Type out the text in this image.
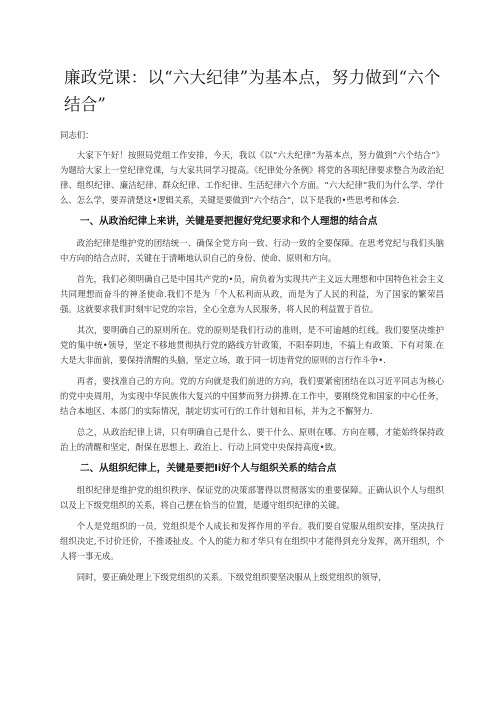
廉政党课：以“六大纪律”为基本点，努力做到“六个结合”

同志们：

大家下午好！按照局党组工作安排，今天，我以《以“六大纪律”为基本点，努力做到“六个结合”》为题给大家上一堂纪律党课，与大家共同学习提高。《纪律处分条例》将党的各项纪律要求整合为政治纪律、组织纪律、廉洁纪律、群众纪律、工作纪律、生活纪律六个方面。“六大纪律”我们为什么学、学什么、怎么学，要弄清楚这•逻辑关系，关键是要做到“六个结合”，以下是我的•些思考和体会.

一、从政治纪律上来讲，关键是要把握好党纪要求和个人理想的结合点

政治纪律是维护党的团结统一、确保全党方向一致、行动一致的全要保障。在思考党纪与我们头脑中方向的结合点时，关键在于清晰地认识自己的身份、使命、原则和方向。

首先，我们必须明确自己是中国共产党的•员，肩负着为实现共产主义远大理想和中国特色社会主义共同理想而奋斗的神圣使命.我们不是为「个人私利而从政，而是为了人民的利益，为了国家的繁荣昌强。这就要求我们时刻牢记党的宗旨，全心全意为人民服务，将人民的利益置于首位。

其次，要明确自己的原则所在。党的原则是我们行动的准则，是不可逾越的红线。我们要坚决维护党的集中统•领导，坚定不移地贯彻执行党的路线方针政策，不阳奉阴违，不搞上有政策、下有对策.在大是大非面前，要保持清醒的头脑，坚定立场，敢于同一切违背党的原则的言行作斗争•.

再者，要找准自己的方向。党的方向就是我们前进的方向，我们要紧密团结在以习近平同志为核心的党中央周用，为实现中华民族伟大复兴的中国梦而努力拼搏.在工作中，要刚绕党和国家的中心任务，结合本地区、本部门的实际情况，制定切实可行的工作计划和目标，并为之不懈努力.

总之，从政治纪律上讲，只有明确自己是什么、要干什么、原则在哪、方向在哪，才能始终保持政治上的清醒和坚定，酎保在思想上、政治上、行动上同党中央保持高度•致。

二、从组织纪律上，关键是要把Ii好个人与组织关系的结合点

组织纪律是维护党的组织秩序、保证党的决策部署得以贯彻落实的重要保障。正确认识个人与组织以及上下级党组织的关系，将自己摆在恰当的位置，是遵守组织纪律的关键。

个人是党组织的一员，党组织是个人成长和发挥作用的平台。我们要自觉服从组织安排，坚决执行组织决定,不讨价还价，不推诿扯皮。个人的能力和才华只有在组织中才能得到充分发挥，离开组织，个人将一事无成。

同时，要正确处理上下级党组织的关系。下级党组织要坚决服从上级党组织的领导，
